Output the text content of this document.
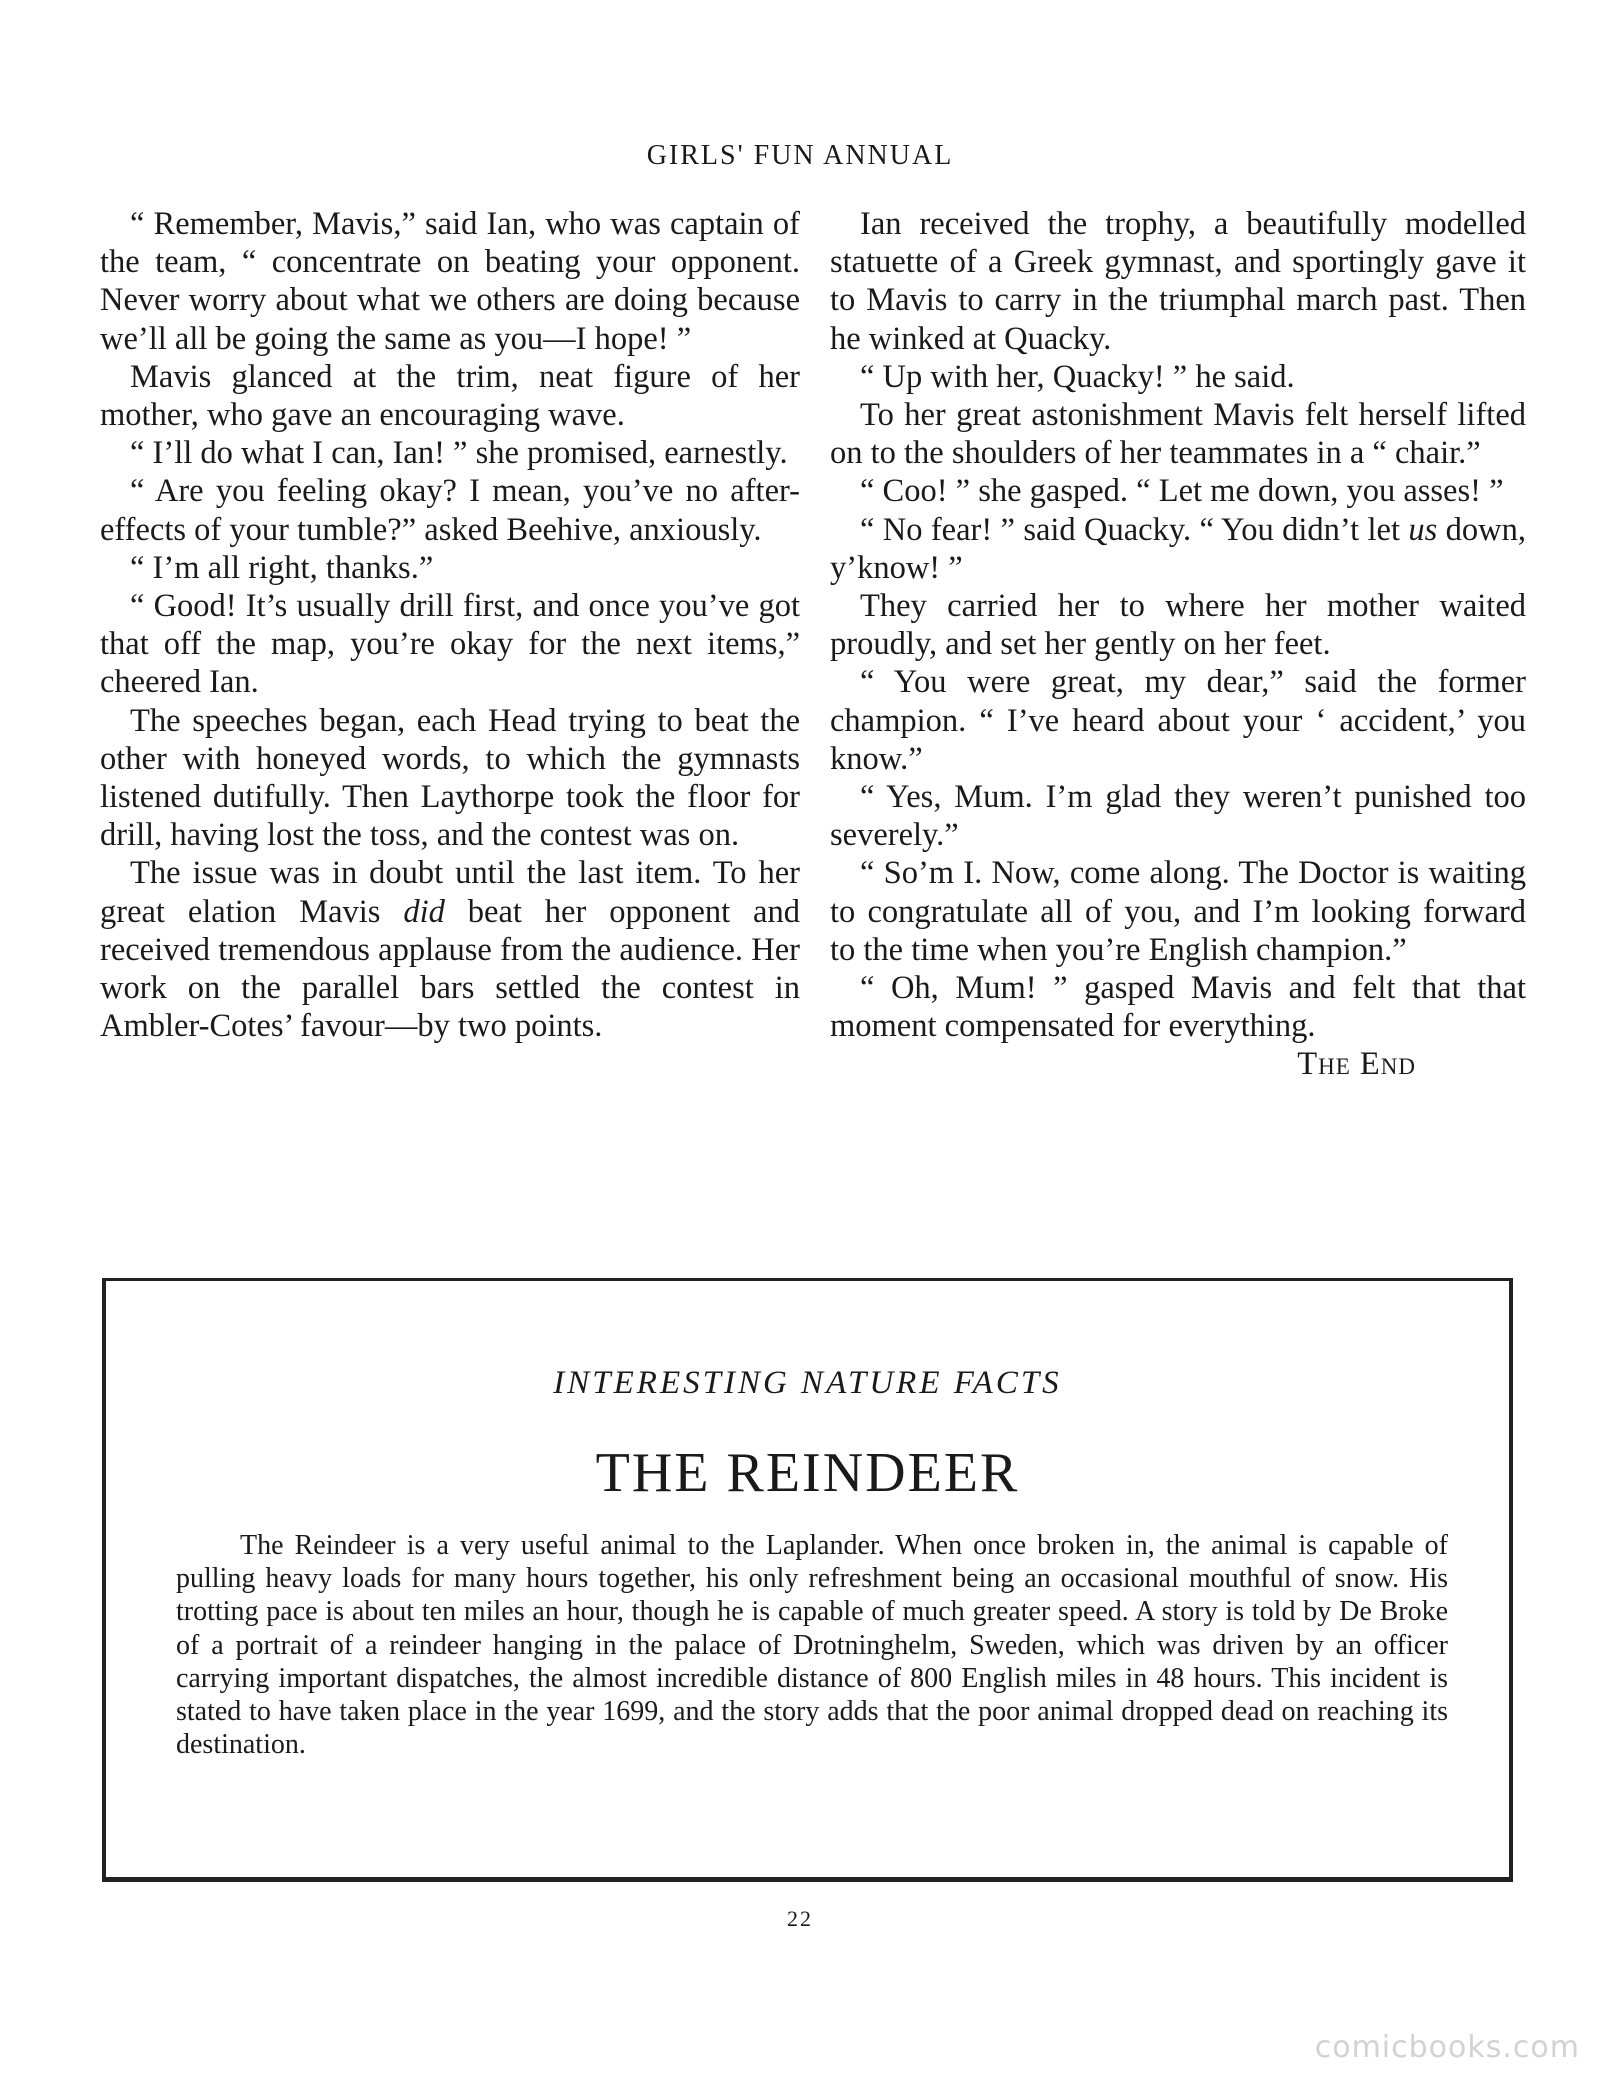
GIRLS' FUN ANNUAL

“ Remember, Mavis,” said Ian, who was captain of the team, “ concentrate on beating your opponent. Never worry about what we others are doing because we’ll all be going the same as you—I hope! ”

Mavis glanced at the trim, neat figure of her mother, who gave an encouraging wave.

“ I’ll do what I can, Ian! ” she promised, earnestly.

“ Are you feeling okay? I mean, you’ve no after-effects of your tumble?” asked Beehive, anxiously.

“ I’m all right, thanks.”

“ Good! It’s usually drill first, and once you’ve got that off the map, you’re okay for the next items,” cheered Ian.

The speeches began, each Head trying to beat the other with honeyed words, to which the gymnasts listened dutifully. Then Laythorpe took the floor for drill, having lost the toss, and the contest was on.

The issue was in doubt until the last item. To her great elation Mavis did beat her opponent and received tremendous applause from the audience. Her work on the parallel bars settled the contest in Ambler-Cotes’ favour—by two points.

Ian received the trophy, a beautifully modelled statuette of a Greek gymnast, and sportingly gave it to Mavis to carry in the triumphal march past. Then he winked at Quacky.

“ Up with her, Quacky! ” he said.

To her great astonishment Mavis felt herself lifted on to the shoulders of her teammates in a “ chair.”

“ Coo! ” she gasped. “ Let me down, you asses! ”

“ No fear! ” said Quacky. “ You didn’t let us down, y’know! ”

They carried her to where her mother waited proudly, and set her gently on her feet.

“ You were great, my dear,” said the former champion. “ I’ve heard about your ‘ accident,’ you know.”

“ Yes, Mum. I’m glad they weren’t punished too severely.”

“ So’m I. Now, come along. The Doctor is waiting to congratulate all of you, and I’m looking forward to the time when you’re English champion.”

“ Oh, Mum! ” gasped Mavis and felt that that moment compensated for everything.

The End
INTERESTING NATURE FACTS
THE REINDEER

The Reindeer is a very useful animal to the Laplander. When once broken in, the animal is capable of pulling heavy loads for many hours together, his only refreshment being an occasional mouthful of snow. His trotting pace is about ten miles an hour, though he is capable of much greater speed. A story is told by De Broke of a portrait of a reindeer hanging in the palace of Drotninghelm, Sweden, which was driven by an officer carrying important dispatches, the almost incredible distance of 800 English miles in 48 hours. This incident is stated to have taken place in the year 1699, and the story adds that the poor animal dropped dead on reaching its destination.

22
comicbooks.com
